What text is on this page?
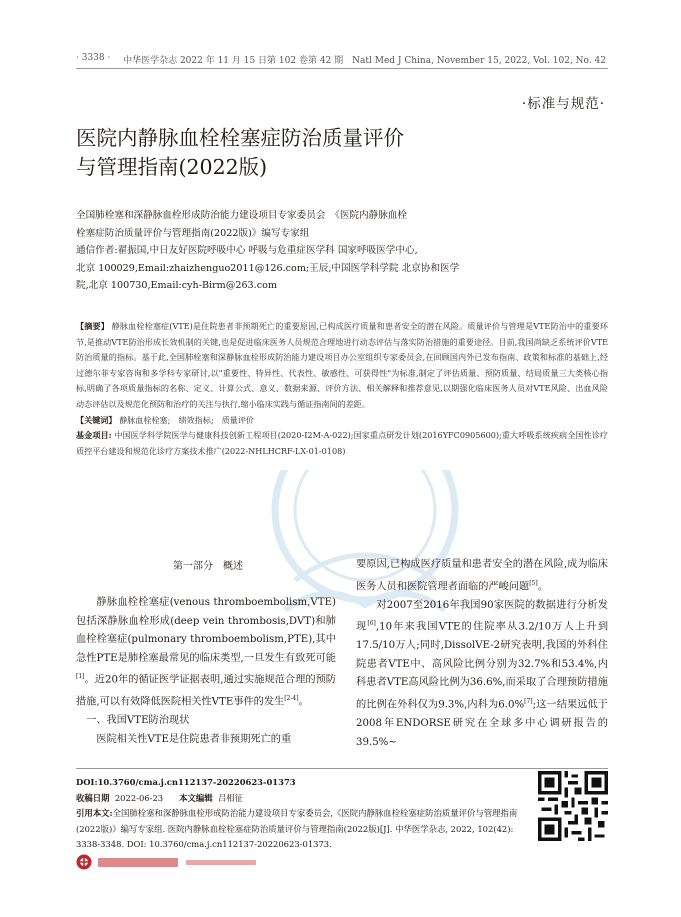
· 3338 · 中华医学杂志 2022 年 11 月 15 日第 102 卷第 42 期　Natl Med J China, November 15, 2022, Vol. 102, No. 42
·标准与规范·
医院内静脉血栓栓塞症防治质量评价
与管理指南(2022版)
全国肺栓塞和深静脉血栓形成防治能力建设项目专家委员会　《医院内静脉血栓
栓塞症防治质量评价与管理指南(2022版)》编写专家组
通信作者:翟振国,中日友好医院呼吸中心 呼吸与危重症医学科 国家呼吸医学中心,
北京 100029,Email:zhaizhenguo2011@126.com;王辰,中国医学科学院 北京协和医学
院,北京 100730,Email:cyh-Birm@263.com
【摘要】 静脉血栓栓塞症(VTE)是住院患者非预期死亡的重要原因,已构成医疗质量和患者安全的潜在风险。质量评价与管理是VTE防治中的重要环节,是推动VTE防治形成长效机制的关键,也是促进临床医务人员规范合理地进行动态评估与落实防治措施的重要途径。目前,我国尚缺乏系统评价VTE防治质量的指标。基于此,全国肺栓塞和深静脉血栓形成防治能力建设项目办公室组织专家委员会,在回顾国内外已发布指南、政策和标准的基础上,经过德尔菲专家咨询和多学科专家研讨,以"重要性、特异性、代表性、敏感性、可获得性"为标准,制定了评估质量、预防质量、结局质量三大类核心指标,明确了各项质量指标的名称、定义、计算公式、意义、数据来源、评价方法、相关解释和推荐意见,以期强化临床医务人员对VTE风险、出血风险动态评估以及规范化预防和治疗的关注与执行,缩小临床实践与循证指南间的差距。
【关键词】 静脉血栓栓塞;　绩效指标;　质量评价
基金项目: 中国医学科学院医学与健康科技创新工程项目(2020-I2M-A-022);国家重点研发计划(2016YFC0905600);重大呼吸系统疾病全国性诊疗质控平台建设和规范化诊疗方案技术推广(2022-NHLHCRF-LX-01-0108)
第一部分　概述

静脉血栓栓塞症(venous thromboembolism,VTE)包括深静脉血栓形成(deep vein thrombosis,DVT)和肺血栓栓塞症(pulmonary thromboembolism,PTE),其中急性PTE是肺栓塞最常见的临床类型,一旦发生有致死可能[1]。近20年的循证医学证据表明,通过实施规范合理的预防措施,可以有效降低医院相关性VTE事件的发生[2-4]。

一、我国VTE防治现状

医院相关性VTE是住院患者非预期死亡的重

要原因,已构成医疗质量和患者安全的潜在风险,成为临床医务人员和医院管理者面临的严峻问题[5]。

对2007至2016年我国90家医院的数据进行分析发现[6],10年来我国VTE的住院率从3.2/10万人上升到17.5/10万人;同时,DissolVE-2研究表明,我国的外科住院患者VTE中、高风险比例分别为32.7%和53.4%,内科患者VTE高风险比例为36.6%,而采取了合理预防措施的比例在外科仅为9.3%,内科为6.0%[7];这一结果远低于2008年ENDORSE研究在全球多中心调研报告的39.5%~

DOI:10.3760/cma.j.cn112137-20220623-01373
收稿日期 2022-06-23 本文编辑 吕相征
引用本文:全国肺栓塞和深静脉血栓形成防治能力建设项目专家委员会,《医院内静脉血栓栓塞症防治质量评价与管理指南(2022版)》编写专家组. 医院内静脉血栓栓塞症防治质量评价与管理指南(2022版)[J]. 中华医学杂志, 2022, 102(42): 3338-3348. DOI: 10.3760/cma.j.cn112137-20220623-01373.
